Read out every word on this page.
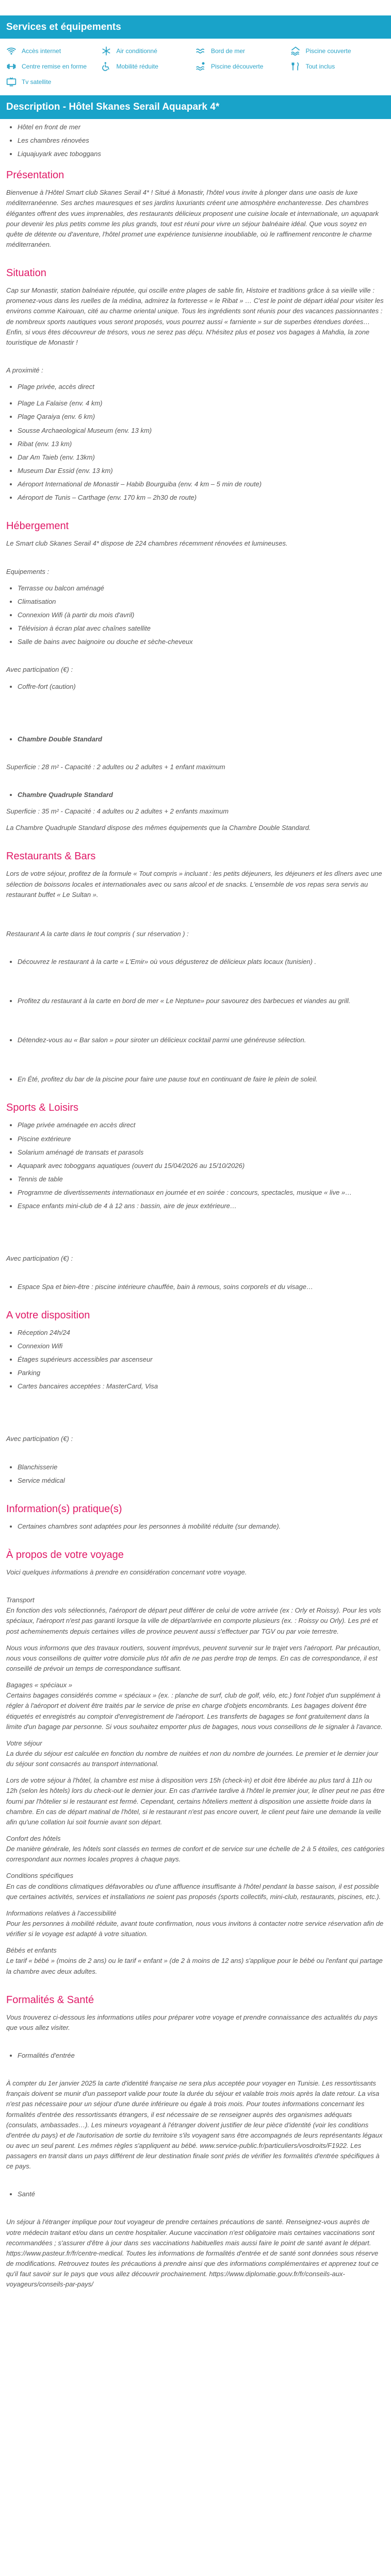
Services et équipements
Accès internet	Air conditionné	Bord de mer	Piscine couverte
Centre remise en forme	Mobilité réduite	Piscine découverte	Tout inclus
Tv satellite
Description - Hôtel Skanes Serail Aquapark 4*
• Hôtel en front de mer
• Les chambres rénovées
• Liquajuyark avec toboggans
Présentation

Bienvenue à l'Hôtel Smart club Skanes Serail 4* ! Situé à Monastir, l'hôtel vous invite à plonger dans une oasis de luxe méditerranéenne. Ses arches mauresques et ses jardins luxuriants créent une atmosphère enchanteresse. Des chambres élégantes offrent des vues imprenables, des restaurants délicieux proposent une cuisine locale et internationale, un aquapark pour devenir les plus petits comme les plus grands, tout est réuni pour vivre un séjour balnéaire idéal. Que vous soyez en quête de détente ou d'aventure, l'hôtel promet une expérience tunisienne inoubliable, où le raffinement rencontre le charme méditerranéen.

Situation

Cap sur Monastir, station balnéaire réputée, qui oscille entre plages de sable fin, Histoire et traditions grâce à sa vieille ville : promenez-vous dans les ruelles de la médina, admirez la forteresse « le Ribat » … C'est le point de départ idéal pour visiter les environs comme Kairouan, cité au charme oriental unique. Tous les ingrédients sont réunis pour des vacances passionnantes : de nombreux sports nautiques vous seront proposés, vous pourrez aussi « farniente » sur de superbes étendues dorées… Enfin, si vous êtes découvreur de trésors, vous ne serez pas déçu. N'hésitez plus et posez vos bagages à Mahdia, la zone touristique de Monastir !

A proximité :

• Plage privée, accès direct
• Plage La Falaise (env. 4 km)
• Plage Qaraiya (env. 6 km)
• Sousse Archaeological Museum (env. 13 km)
• Ribat (env. 13 km)
• Dar Am Taieb (env. 13km)
• Museum Dar Essid (env. 13 km)
• Aéroport International de Monastir – Habib Bourguiba (env. 4 km – 5 min de route)
• Aéroport de Tunis – Carthage (env. 170 km – 2h30 de route)
Hébergement

Le Smart club Skanes Serail 4* dispose de 224 chambres récemment rénovées et lumineuses.

Equipements :

• Terrasse ou balcon aménagé
• Climatisation
• Connexion Wifi (à partir du mois d'avril)
• Télévision à écran plat avec chaînes satellite
• Salle de bains avec baignoire ou douche et sèche-cheveux

Avec participation (€) :

• Coffre-fort (caution)
• Chambre Double Standard

Superficie : 28 m² - Capacité : 2 adultes ou 2 adultes + 1 enfant maximum

• Chambre Quadruple Standard

Superficie : 35 m² - Capacité : 4 adultes ou 2 adultes + 2 enfants maximum

La Chambre Quadruple Standard dispose des mêmes équipements que la Chambre Double Standard.

Restaurants & Bars

Lors de votre séjour, profitez de la formule « Tout compris » incluant : les petits déjeuners, les déjeuners et les dîners avec une sélection de boissons locales et internationales avec ou sans alcool et de snacks. L'ensemble de vos repas sera servis au restaurant buffet « Le Sultan ».

Restaurant A la carte dans le tout compris ( sur réservation ) :

• Découvrez le restaurant à la carte « L'Emir» où vous dégusterez de délicieux plats locaux (tunisien) .
• Profitez du restaurant à la carte en bord de mer « Le Neptune» pour savourez des barbecues et viandes au grill.
• Détendez-vous au « Bar salon » pour siroter un délicieux cocktail parmi une généreuse sélection.
• En Été, profitez du bar de la piscine pour faire une pause tout en continuant de faire le plein de soleil.
Sports & Loisirs
• Plage privée aménagée en accès direct
• Piscine extérieure
• Solarium aménagé de transats et parasols
• Aquapark avec toboggans aquatiques (ouvert du 15/04/2026 au 15/10/2026)
• Tennis de table
• Programme de divertissements internationaux en journée et en soirée : concours, spectacles, musique « live »…
• Espace enfants mini-club de 4 à 12 ans : bassin, aire de jeux extérieure…

Avec participation (€) :

• Espace Spa et bien-être : piscine intérieure chauffée, bain à remous, soins corporels et du visage…
A votre disposition
• Réception 24h/24
• Connexion Wifi
• Étages supérieurs accessibles par ascenseur
• Parking
• Cartes bancaires acceptées : MasterCard, Visa

Avec participation (€) :

• Blanchisserie
• Service médical
Information(s) pratique(s)
• Certaines chambres sont adaptées pour les personnes à mobilité réduite (sur demande).
À propos de votre voyage

Voici quelques informations à prendre en considération concernant votre voyage.

Transport
En fonction des vols sélectionnés, l'aéroport de départ peut différer de celui de votre arrivée (ex : Orly et Roissy). Pour les vols spéciaux, l'aéroport n'est pas garanti lorsque la ville de départ/arrivée en comporte plusieurs (ex. : Roissy ou Orly). Les pré et post acheminements depuis certaines villes de province peuvent aussi s'effectuer par TGV ou par voie terrestre.

Nous vous informons que des travaux routiers, souvent imprévus, peuvent survenir sur le trajet vers l'aéroport. Par précaution, nous vous conseillons de quitter votre domicile plus tôt afin de ne pas perdre trop de temps. En cas de correspondance, il est conseillé de prévoir un temps de correspondance suffisant.

Bagages « spéciaux »
Certains bagages considérés comme « spéciaux » (ex. : planche de surf, club de golf, vélo, etc.) font l'objet d'un supplément à régler à l'aéroport et doivent être traités par le service de prise en charge d'objets encombrants. Les bagages doivent être étiquetés et enregistrés au comptoir d'enregistrement de l'aéroport. Les transferts de bagages se font gratuitement dans la limite d'un bagage par personne. Si vous souhaitez emporter plus de bagages, nous vous conseillons de le signaler à l'avance.

Votre séjour
La durée du séjour est calculée en fonction du nombre de nuitées et non du nombre de journées. Le premier et le dernier jour du séjour sont consacrés au transport international.

Lors de votre séjour à l'hôtel, la chambre est mise à disposition vers 15h (check-in) et doit être libérée au plus tard à 11h ou 12h (selon les hôtels) lors du check-out le dernier jour. En cas d'arrivée tardive à l'hôtel le premier jour, le dîner peut ne pas être fourni par l'hôtelier si le restaurant est fermé. Cependant, certains hôteliers mettent à disposition une assiette froide dans la chambre. En cas de départ matinal de l'hôtel, si le restaurant n'est pas encore ouvert, le client peut faire une demande la veille afin qu'une collation lui soit fournie avant son départ.

Confort des hôtels
De manière générale, les hôtels sont classés en termes de confort et de service sur une échelle de 2 à 5 étoiles, ces catégories correspondant aux normes locales propres à chaque pays.

Conditions spécifiques
En cas de conditions climatiques défavorables ou d'une affluence insuffisante à l'hôtel pendant la basse saison, il est possible que certaines activités, services et installations ne soient pas proposés (sports collectifs, mini-club, restaurants, piscines, etc.).

Informations relatives à l'accessibilité
Pour les personnes à mobilité réduite, avant toute confirmation, nous vous invitons à contacter notre service réservation afin de vérifier si le voyage est adapté à votre situation.

Bébés et enfants
Le tarif « bébé » (moins de 2 ans) ou le tarif « enfant » (de 2 à moins de 12 ans) s'applique pour le bébé ou l'enfant qui partage la chambre avec deux adultes.

Formalités & Santé

Vous trouverez ci-dessous les informations utiles pour préparer votre voyage et prendre connaissance des actualités du pays que vous allez visiter.

• Formalités d'entrée

À compter du 1er janvier 2025 la carte d'identité française ne sera plus acceptée pour voyager en Tunisie. Les ressortissants français doivent se munir d'un passeport valide pour toute la durée du séjour et valable trois mois après la date retour. La visa n'est pas nécessaire pour un séjour d'une durée inférieure ou égale à trois mois. Pour toutes informations concernant les formalités d'entrée des ressortissants étrangers, il est nécessaire de se renseigner auprès des organismes adéquats (consulats, ambassades…). Les mineurs voyageant à l'étranger doivent justifier de leur pièce d'identité (voir les conditions d'entrée du pays) et de l'autorisation de sortie du territoire s'ils voyagent sans être accompagnés de leurs représentants légaux ou avec un seul parent. Les mêmes règles s'appliquent au bébé. www.service-public.fr/particuliers/vosdroits/F1922. Les passagers en transit dans un pays différent de leur destination finale sont priés de vérifier les formalités d'entrée spécifiques à ce pays.

• Santé

Un séjour à l'étranger implique pour tout voyageur de prendre certaines précautions de santé. Renseignez-vous auprès de votre médecin traitant et/ou dans un centre hospitalier. Aucune vaccination n'est obligatoire mais certaines vaccinations sont recommandées ; s'assurer d'être à jour dans ses vaccinations habituelles mais aussi faire le point de santé avant le départ. https://www.pasteur.fr/fr/centre-medical. Toutes les informations de formalités d'entrée et de santé sont données sous réserve de modifications. Retrouvez toutes les précautions à prendre ainsi que des informations complémentaires et apprenez tout ce qu'il faut savoir sur le pays que vous allez découvrir prochainement. https://www.diplomatie.gouv.fr/fr/conseils-aux-voyageurs/conseils-par-pays/
